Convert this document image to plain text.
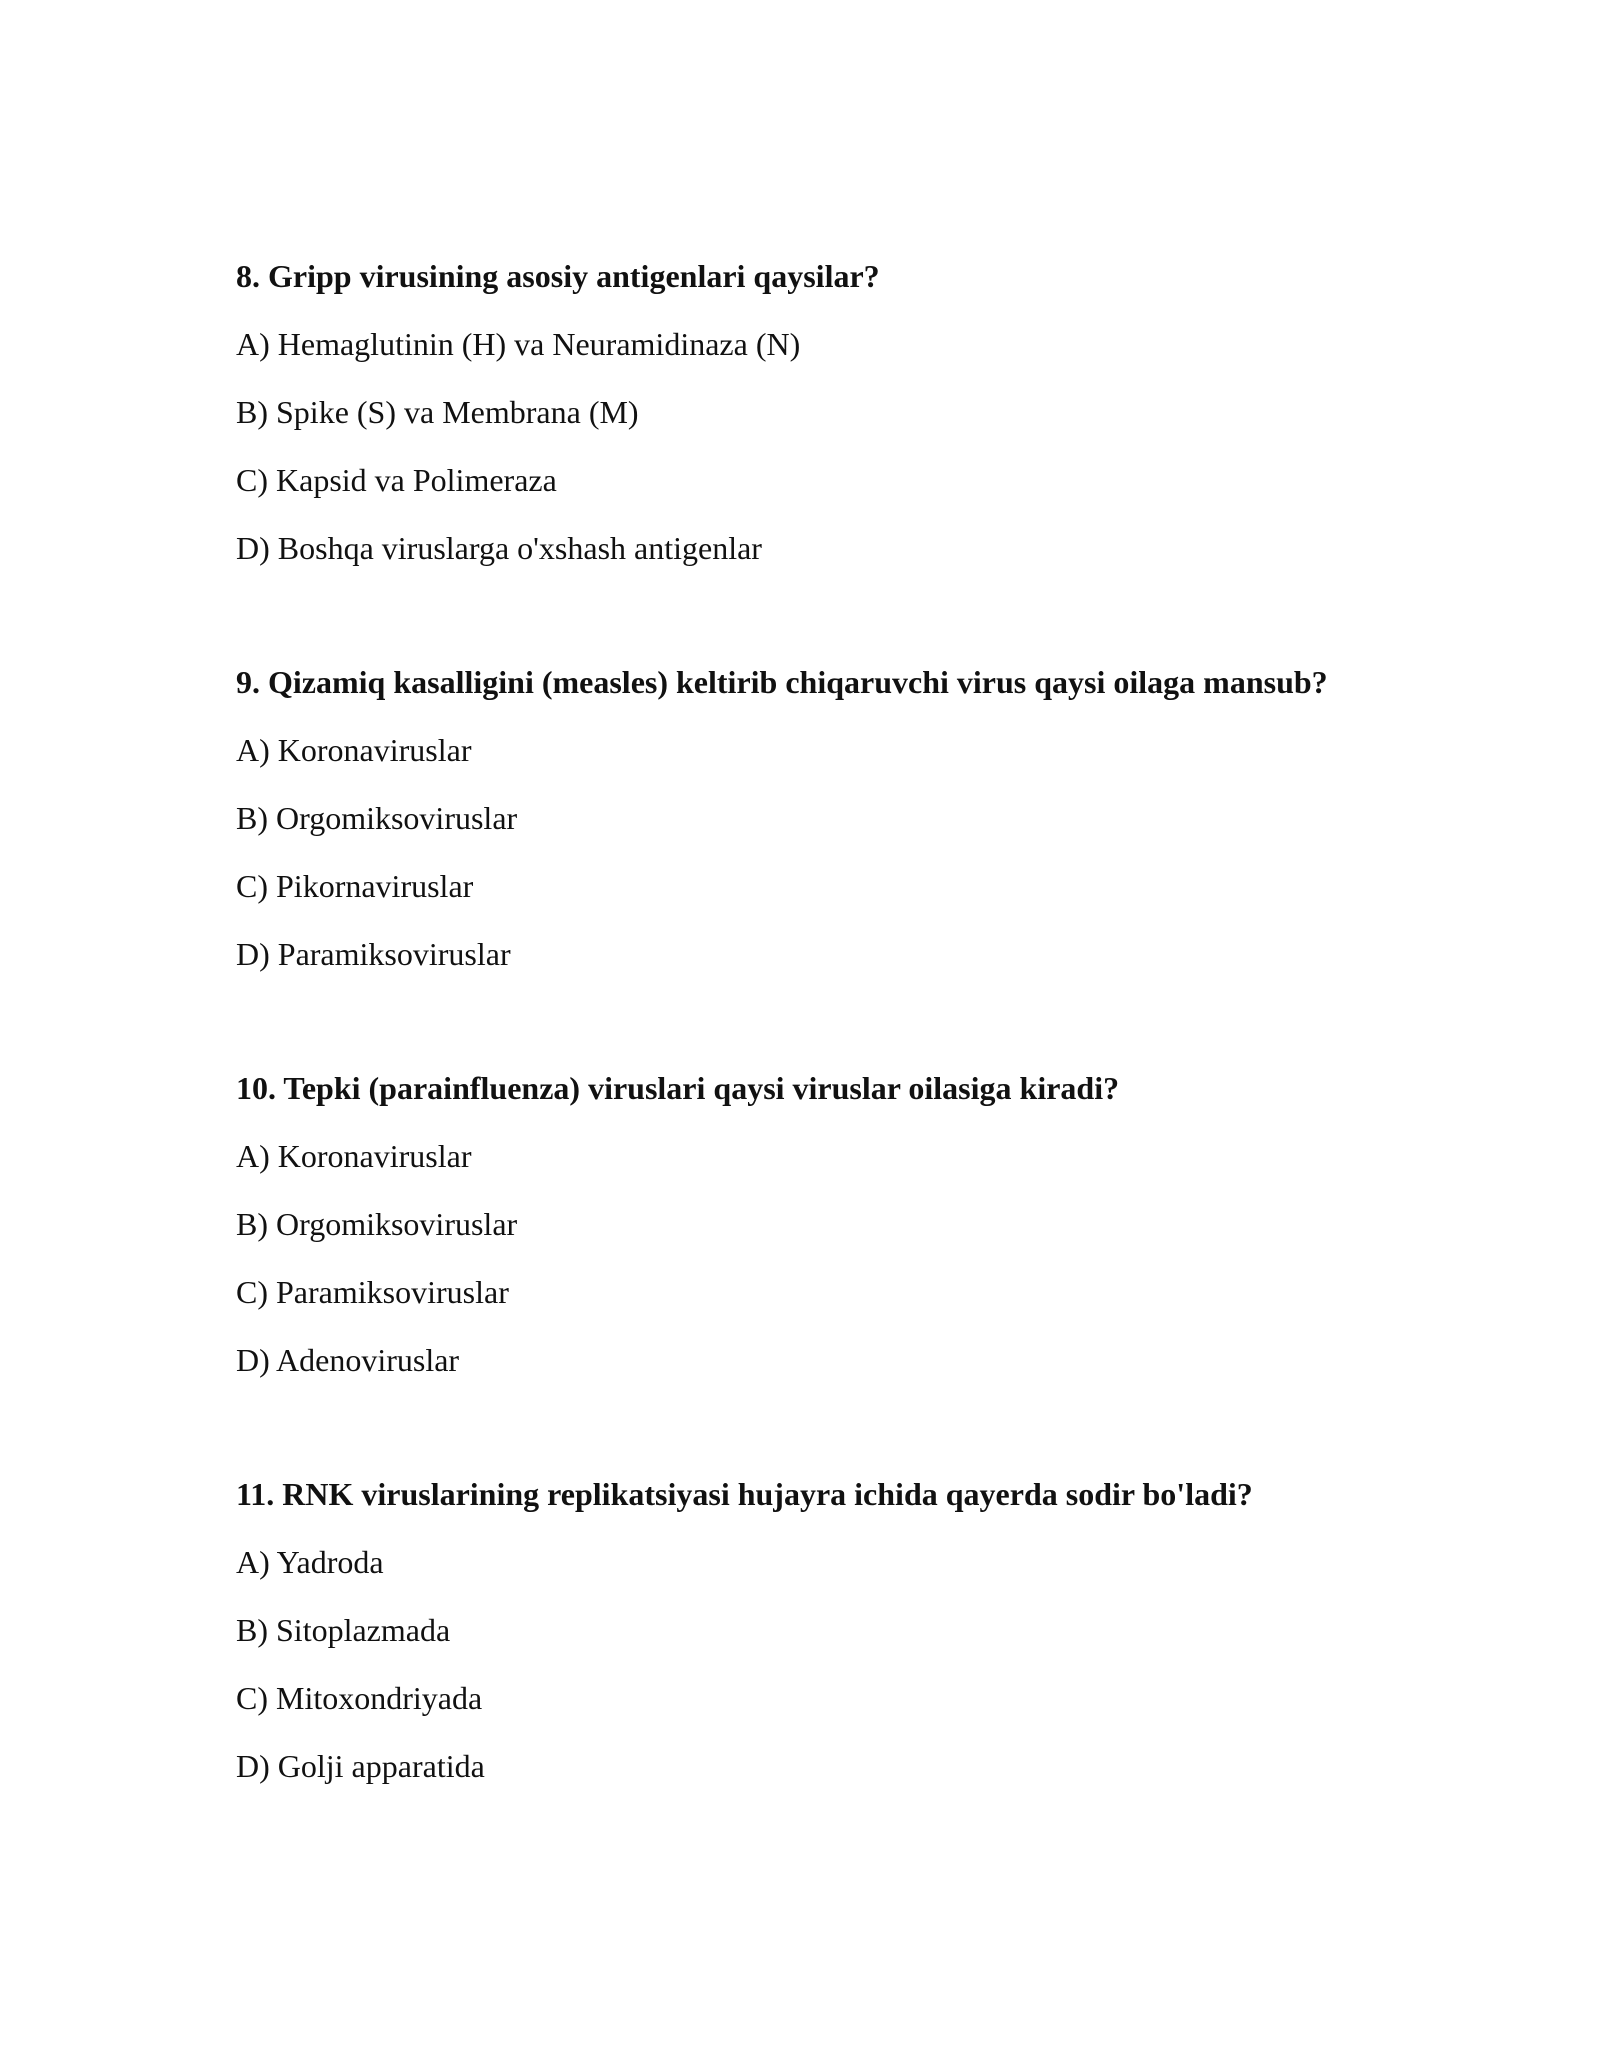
8. Gripp virusining asosiy antigenlari qaysilar?
A) Hemaglutinin (H) va Neuramidinaza (N)
B) Spike (S) va Membrana (M)
C) Kapsid va Polimeraza
D) Boshqa viruslarga o'xshash antigenlar
9. Qizamiq kasalligini (measles) keltirib chiqaruvchi virus qaysi oilaga mansub?
A) Koronaviruslar
B) Orgomiksoviruslar
C) Pikornaviruslar
D) Paramiksoviruslar
10. Tepki (parainfluenza) viruslari qaysi viruslar oilasiga kiradi?
A) Koronaviruslar
B) Orgomiksoviruslar
C) Paramiksoviruslar
D) Adenoviruslar
11. RNK viruslarining replikatsiyasi hujayra ichida qayerda sodir bo'ladi?
A) Yadroda
B) Sitoplazmada
C) Mitoxondriyada
D) Golji apparatida
